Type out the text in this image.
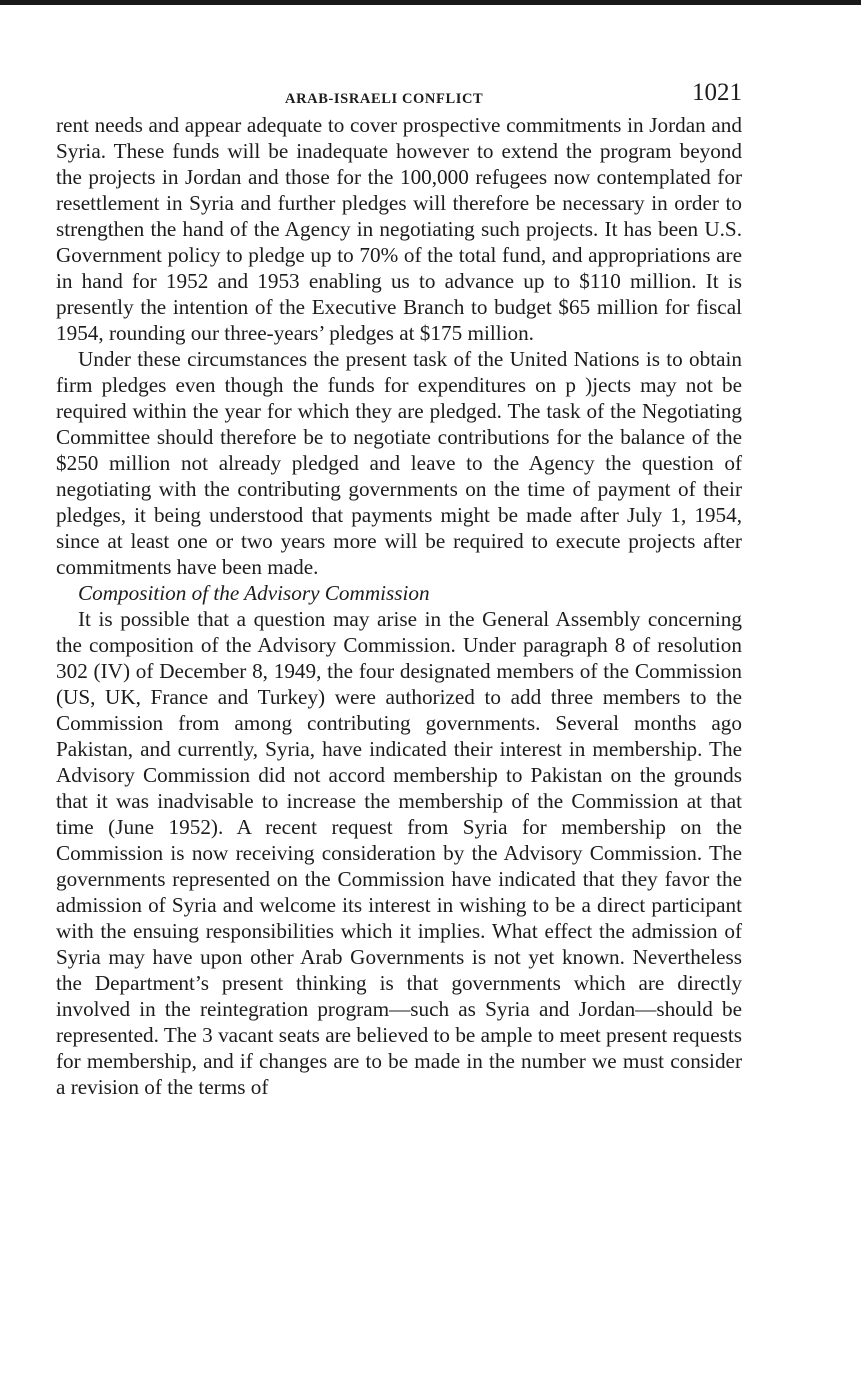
ARAB-ISRAELI CONFLICT	1021

rent needs and appear adequate to cover prospective commitments in Jordan and Syria. These funds will be inadequate however to extend the program beyond the projects in Jordan and those for the 100,000 refugees now contemplated for resettlement in Syria and further pledges will therefore be necessary in order to strengthen the hand of the Agency in negotiating such projects. It has been U.S. Government policy to pledge up to 70% of the total fund, and appropriations are in hand for 1952 and 1953 enabling us to advance up to $110 million. It is presently the intention of the Executive Branch to budget $65 million for fiscal 1954, rounding our three-years’ pledges at $175 million.

Under these circumstances the present task of the United Nations is to obtain firm pledges even though the funds for expenditures on p )jects may not be required within the year for which they are pledged. The task of the Negotiating Committee should therefore be to negotiate contributions for the balance of the $250 million not already pledged and leave to the Agency the question of negotiating with the contributing governments on the time of payment of their pledges, it being understood that payments might be made after July 1, 1954, since at least one or two years more will be required to execute projects after commitments have been made.

Composition of the Advisory Commission

It is possible that a question may arise in the General Assembly concerning the composition of the Advisory Commission. Under paragraph 8 of resolution 302 (IV) of December 8, 1949, the four designated members of the Commission (US, UK, France and Turkey) were authorized to add three members to the Commission from among contributing governments. Several months ago Pakistan, and currently, Syria, have indicated their interest in membership. The Advisory Commission did not accord membership to Pakistan on the grounds that it was inadvisable to increase the membership of the Commission at that time (June 1952). A recent request from Syria for membership on the Commission is now receiving consideration by the Advisory Commission. The governments represented on the Commission have indicated that they favor the admission of Syria and welcome its interest in wishing to be a direct participant with the ensuing responsibilities which it implies. What effect the admission of Syria may have upon other Arab Governments is not yet known. Nevertheless the Department’s present thinking is that governments which are directly involved in the reintegration program—such as Syria and Jordan—should be represented. The 3 vacant seats are believed to be ample to meet present requests for membership, and if changes are to be made in the number we must consider a revision of the terms of
